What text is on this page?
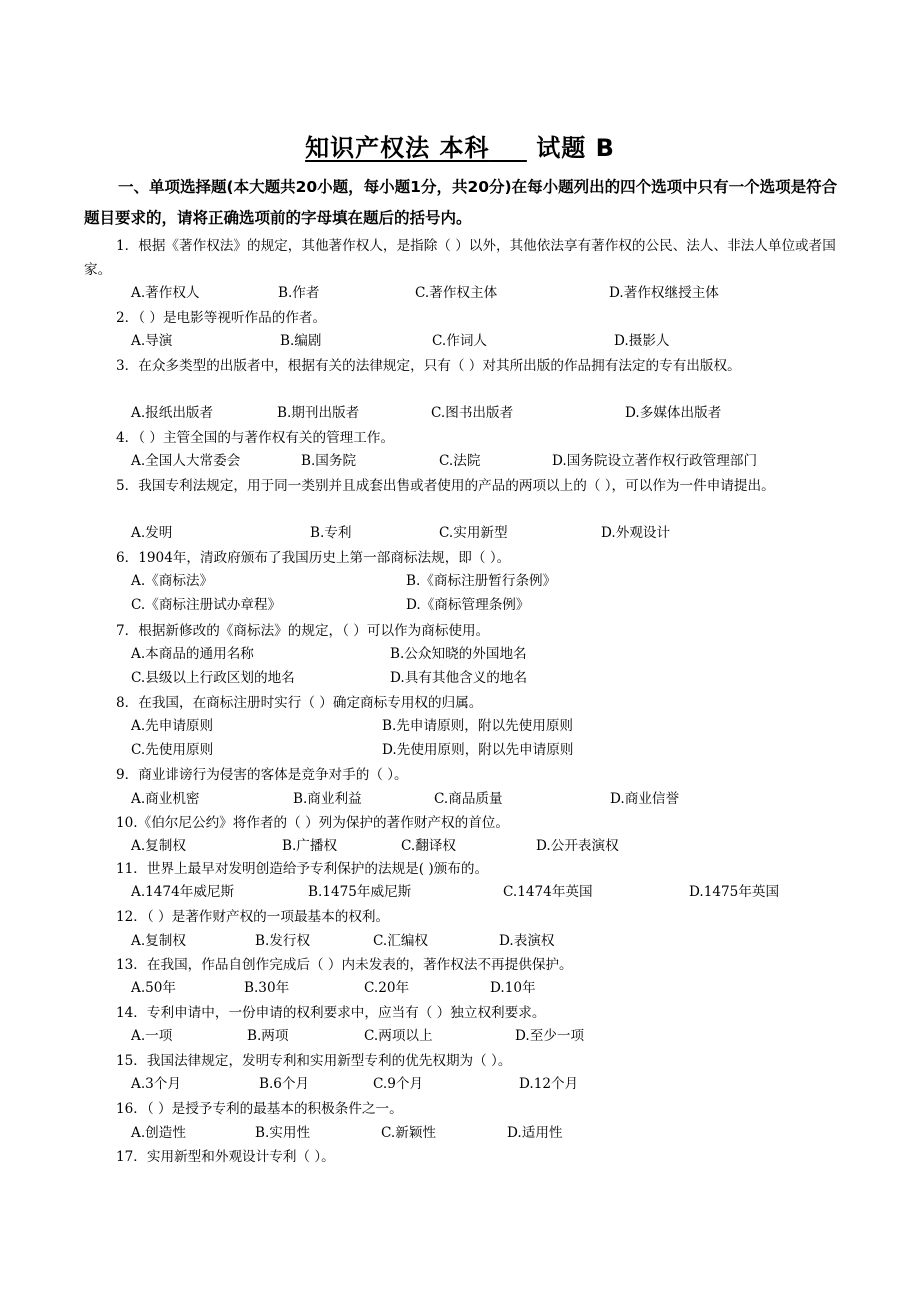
知识产权法 本科     试题 B
一、单项选择题(本大题共20小题，每小题1分，共20分)在每小题列出的四个选项中只有一个选项是符合题目要求的，请将正确选项前的字母填在题后的括号内。
1．根据《著作权法》的规定，其他著作权人，是指除（ ）以外，其他依法享有著作权的公民、法人、非法人单位或者国家。
A.著作权人	B.作者	C.著作权主体	D.著作权继授主体
2．（ ）是电影等视听作品的作者。
A.导演	B.编剧	C.作词人	D.摄影人
3．在众多类型的出版者中，根据有关的法律规定，只有（ ）对其所出版的作品拥有法定的专有出版权。
A.报纸出版者	B.期刊出版者	C.图书出版者	D.多媒体出版者
4．（ ）主管全国的与著作权有关的管理工作。
A.全国人大常委会	B.国务院	C.法院	D.国务院设立著作权行政管理部门
5．我国专利法规定，用于同一类别并且成套出售或者使用的产品的两项以上的（ ），可以作为一件申请提出。
A.发明	B.专利	C.实用新型	D.外观设计
6．1904年，清政府颁布了我国历史上第一部商标法规，即（ ）。
A.《商标法》	B.《商标注册暂行条例》
C.《商标注册试办章程》	D.《商标管理条例》
7．根据新修改的《商标法》的规定，（ ）可以作为商标使用。
A.本商品的通用名称	B.公众知晓的外国地名
C.县级以上行政区划的地名	D.具有其他含义的地名
8．在我国，在商标注册时实行（ ）确定商标专用权的归属。
A.先申请原则	B.先申请原则，附以先使用原则
C.先使用原则	D.先使用原则，附以先申请原则
9．商业诽谤行为侵害的客体是竞争对手的（ ）。
A.商业机密	B.商业利益	C.商品质量	D.商业信誉
10.《伯尔尼公约》将作者的（ ）列为保护的著作财产权的首位。
A.复制权	B.广播权	C.翻译权	D.公开表演权
11．世界上最早对发明创造给予专利保护的法规是( )颁布的。
A.1474年威尼斯	B.1475年威尼斯	C.1474年英国	D.1475年英国
12．（ ）是著作财产权的一项最基本的权利。
A.复制权	B.发行权	C.汇编权	D.表演权
13．在我国，作品自创作完成后（ ）内未发表的，著作权法不再提供保护。
A.50年	B.30年	C.20年	D.10年
14．专利申请中，一份申请的权利要求中，应当有（ ）独立权利要求。
A.一项	B.两项	C.两项以上	D.至少一项
15．我国法律规定，发明专利和实用新型专利的优先权期为（ ）。
A.3个月	B.6个月	C.9个月	D.12个月
16．（ ）是授予专利的最基本的积极条件之一。
A.创造性	B.实用性	C.新颖性	D.适用性
17．实用新型和外观设计专利（ ）。
